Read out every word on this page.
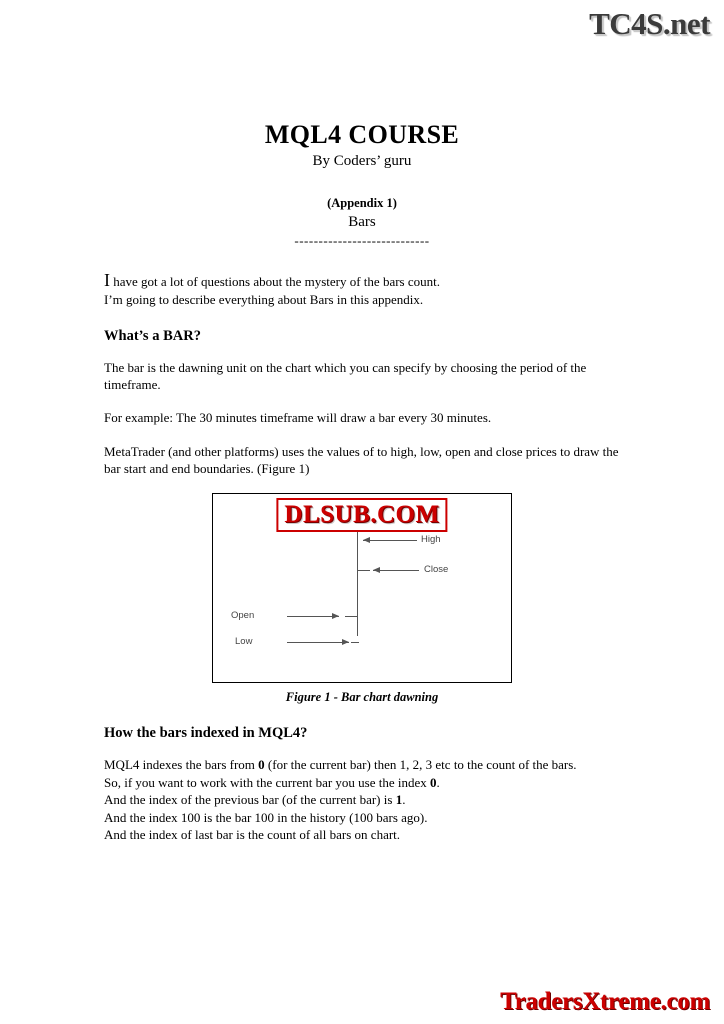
MQL4 COURSE
By Coders’ guru
(Appendix 1)
Bars
----------------------------

I have got a lot of questions about the mystery of the bars count.

I’m going to describe everything about Bars in this appendix.

What’s a BAR?

The bar is the dawning unit on the chart which you can specify by choosing the period of the timeframe.

For example: The 30 minutes timeframe will draw a bar every 30 minutes.

MetaTrader (and other platforms) uses the values of to high, low, open and close prices to draw the bar start and end boundaries. (Figure 1)

DLSUB.COM
High
Close
Open
Low
Figure 1 - Bar chart dawning
How the bars indexed in MQL4?

MQL4 indexes the bars from 0 (for the current bar) then 1, 2, 3 etc to the count of the bars.

So, if you want to work with the current bar you use the index 0.

And the index of the previous bar (of the current bar) is 1.

And the index 100 is the bar 100 in the history (100 bars ago).

And the index of last bar is the count of all bars on chart.

TC4S.net
TradersXtreme.com
